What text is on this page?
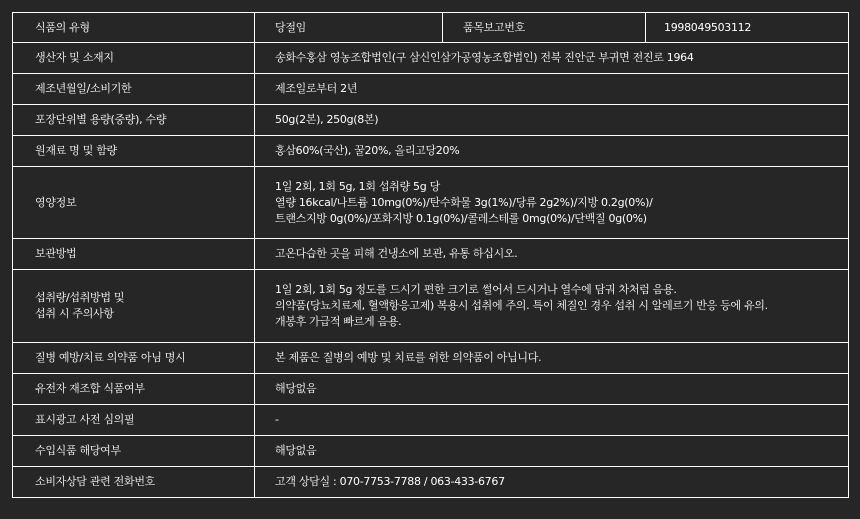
식품의 유형	당절임	품목보고번호	1998049503112
생산자 및 소재지	송화수홍삼 영농조합법인(구 삼신인삼가공영농조합법인) 전북 진안군 부귀면 전진로 1964		
제조년월일/소비기한	제조일로부터 2년		
포장단위별 용량(중량), 수량	50g(2본), 250g(8본)		
원재료 명 및 함량	홍삼60%(국산), 꿀20%, 올리고당20%		
영양정보	1일 2회, 1회 5g, 1회 섭취량 5g 당
열량 16kcal/나트륨 10mg(0%)/탄수화물 3g(1%)/당류 2g2%)/지방 0.2g(0%)/
트랜스지방 0g(0%)/포화지방 0.1g(0%)/콜레스테롤 0mg(0%)/단백질 0g(0%)		

보관방법	고온다습한 곳을 피해 건냉소에 보관, 유통 하십시오.		

섭취량/섭취방법 및
섭취 시 주의사항	1일 2회, 1회 5g 정도를 드시기 편한 크기로 썰어서 드시거나 열수에 담궈 차처럼 음용.
의약품(당뇨치료제, 혈액항응고제) 복용시 섭취에 주의. 특이 체질인 경우 섭취 시 알레르기 반응 등에 유의.
개봉후 가급적 빠르게 음용.		

질병 예방/치료 의약품 아님 명시	본 제품은 질병의 예방 및 치료를 위한 의약품이 아닙니다.		
유전자 재조합 식품여부	해당없음		
표시광고 사전 심의필	-		
수입식품 해당여부	해당없음		
소비자상담 관련 전화번호	고객 상담실 : 070-7753-7788 / 063-433-6767		
